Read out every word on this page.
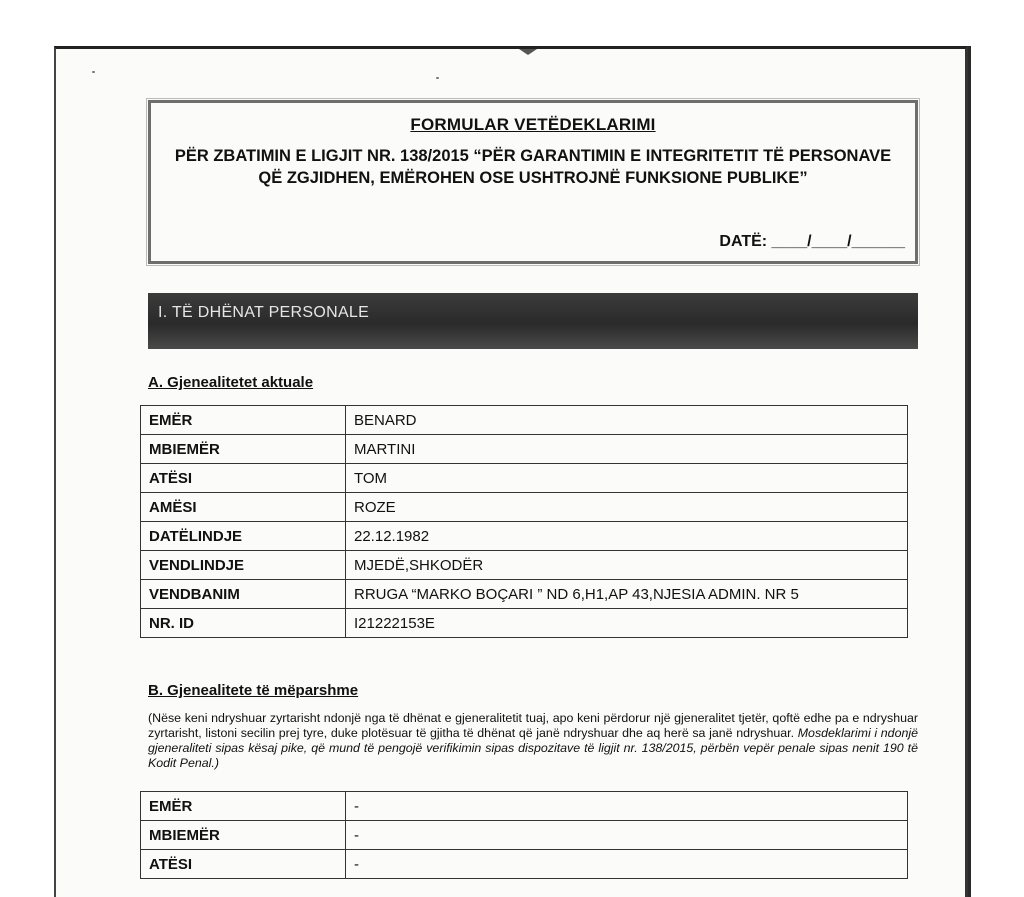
FORMULAR VETËDEKLARIMI
PËR ZBATIMIN E LIGJIT NR. 138/2015 “PËR GARANTIMIN E INTEGRITETIT TË PERSONAVE QË ZGJIDHEN, EMËROHEN OSE USHTROJNË FUNKSIONE PUBLIKE”
DATË: ____/____/______
I. TË DHËNAT PERSONALE
A. Gjenealitetet aktuale
EMËR	BENARD
MBIEMËR	MARTINI
ATËSI	TOM
AMËSI	ROZE
DATËLINDJE	22.12.1982
VENDLINDJE	MJEDË,SHKODËR
VENDBANIM	RRUGA “MARKO BOÇARI ” ND 6,H1,AP 43,NJESIA ADMIN. NR 5
NR. ID	I21222153E
B. Gjenealitete të mëparshme
(Nëse keni ndryshuar zyrtarisht ndonjë nga të dhënat e gjeneralitetit tuaj, apo keni përdorur një gjeneralitet tjetër, qoftë edhe pa e ndryshuar zyrtarisht, listoni secilin prej tyre, duke plotësuar të gjitha të dhënat që janë ndryshuar dhe aq herë sa janë ndryshuar. Mosdeklarimi i ndonjë gjeneraliteti sipas kësaj pike, që mund të pengojë verifikimin sipas dispozitave të ligjit nr. 138/2015, përbën vepër penale sipas nenit 190 të Kodit Penal.)
EMËR	-
MBIEMËR	-
ATËSI	-
